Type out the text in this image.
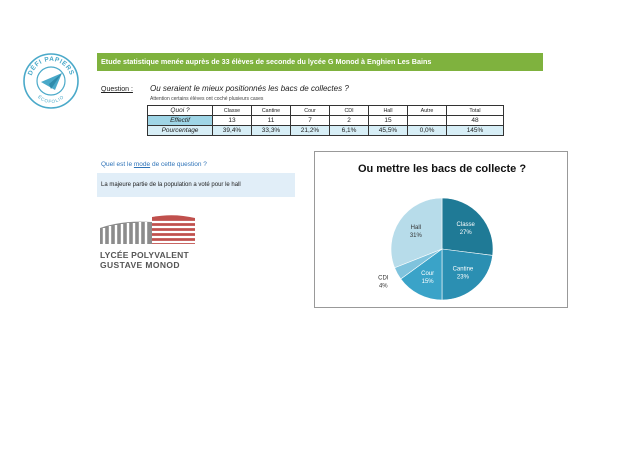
DÉFI PAPIERS
ÉCOFOLIO
Etude statistique menée auprès de 33 élèves de seconde du lycée G Monod à Enghien Les Bains
Question : Ou seraient le mieux positionnés les bacs de collectes ?
Attention certains élèves ont coché plusieurs cases
Quoi ?	Classe	Cantine	Cour	CDI	Hall	Autre	Total
Effectif	13	11	7	2	15		48
Pourcentage	39,4%	33,3%	21,2%	6,1%	45,5%	0,0%	145%
Quel est le mode de cette question ?
La majeure partie de la population a voté pour le hall
LYCÉE POLYVALENT
GUSTAVE MONOD
Ou mettre les bacs de collecte ?
Classe
27%
Cantine
23%
Cour
15%
CDI
4%
Hall
31%
